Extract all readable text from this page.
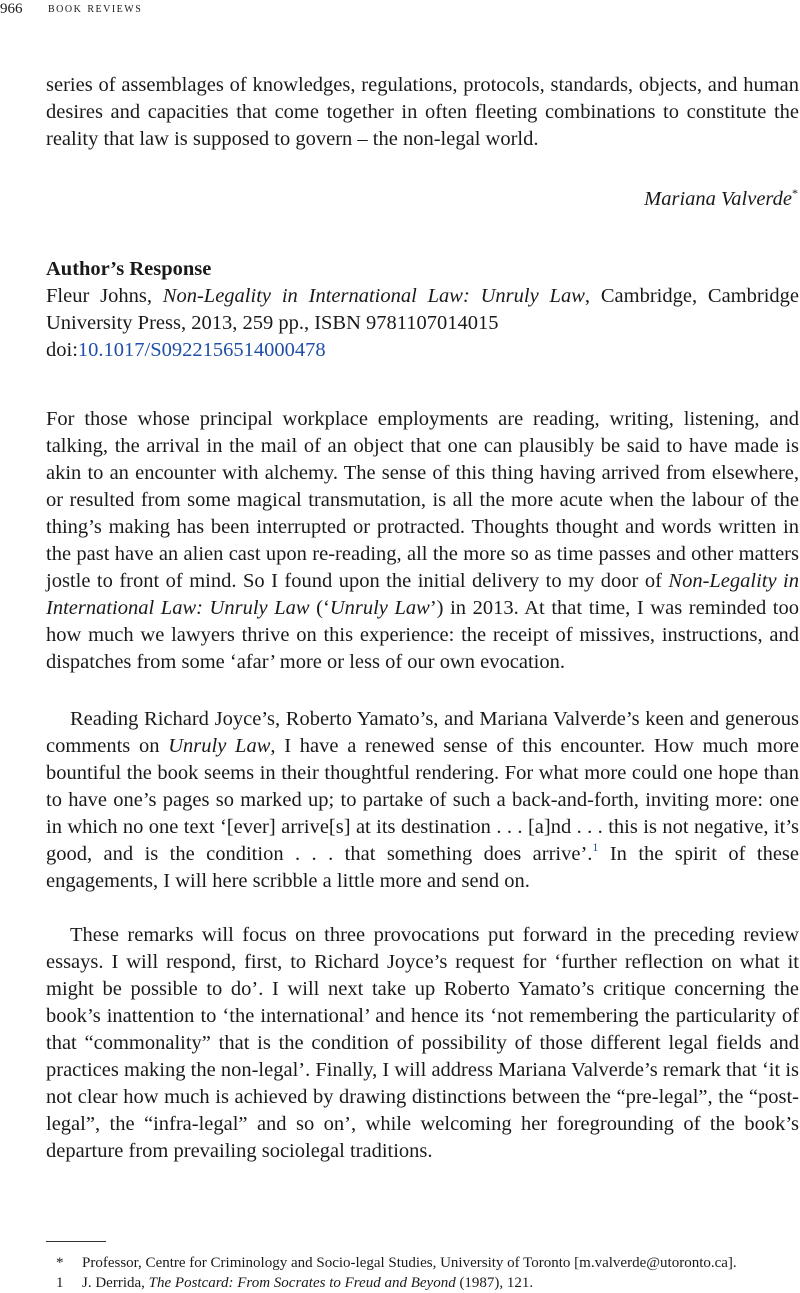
966 book reviews

series of assemblages of knowledges, regulations, protocols, standards, objects, and human desires and capacities that come together in often fleeting combinations to constitute the reality that law is supposed to govern – the non-legal world.

Mariana Valverde*
Author’s Response
Fleur Johns, Non-Legality in International Law: Unruly Law, Cambridge, Cambridge University Press, 2013, 259 pp., ISBN 9781107014015
doi:10.1017/S0922156514000478

For those whose principal workplace employments are reading, writing, listening, and talking, the arrival in the mail of an object that one can plausibly be said to have made is akin to an encounter with alchemy. The sense of this thing having arrived from elsewhere, or resulted from some magical transmutation, is all the more acute when the labour of the thing’s making has been interrupted or protracted. Thoughts thought and words written in the past have an alien cast upon re-reading, all the more so as time passes and other matters jostle to front of mind. So I found upon the initial delivery to my door of Non-Legality in International Law: Unruly Law (‘Unruly Law’) in 2013. At that time, I was reminded too how much we lawyers thrive on this experience: the receipt of missives, instructions, and dispatches from some ‘afar’ more or less of our own evocation.

Reading Richard Joyce’s, Roberto Yamato’s, and Mariana Valverde’s keen and generous comments on Unruly Law, I have a renewed sense of this encounter. How much more bountiful the book seems in their thoughtful rendering. For what more could one hope than to have one’s pages so marked up; to partake of such a back-and-forth, inviting more: one in which no one text ‘[ever] arrive[s] at its destination . . . [a]nd . . . this is not negative, it’s good, and is the condition . . . that something does arrive’.$^1$ In the spirit of these engagements, I will here scribble a little more and send on.

These remarks will focus on three provocations put forward in the preceding review essays. I will respond, first, to Richard Joyce’s request for ‘further reflection on what it might be possible to do’. I will next take up Roberto Yamato’s critique concerning the book’s inattention to ‘the international’ and hence its ‘not remembering the particularity of that “commonality” that is the condition of possibility of those different legal fields and practices making the non-legal’. Finally, I will address Mariana Valverde’s remark that ‘it is not clear how much is achieved by drawing distinctions between the “pre-legal”, the “post-legal”, the “infra-legal” and so on’, while welcoming her foregrounding of the book’s departure from prevailing sociolegal traditions.

* Professor, Centre for Criminology and Socio-legal Studies, University of Toronto [m.valverde@utoronto.ca].
1 J. Derrida, The Postcard: From Socrates to Freud and Beyond (1987), 121.
